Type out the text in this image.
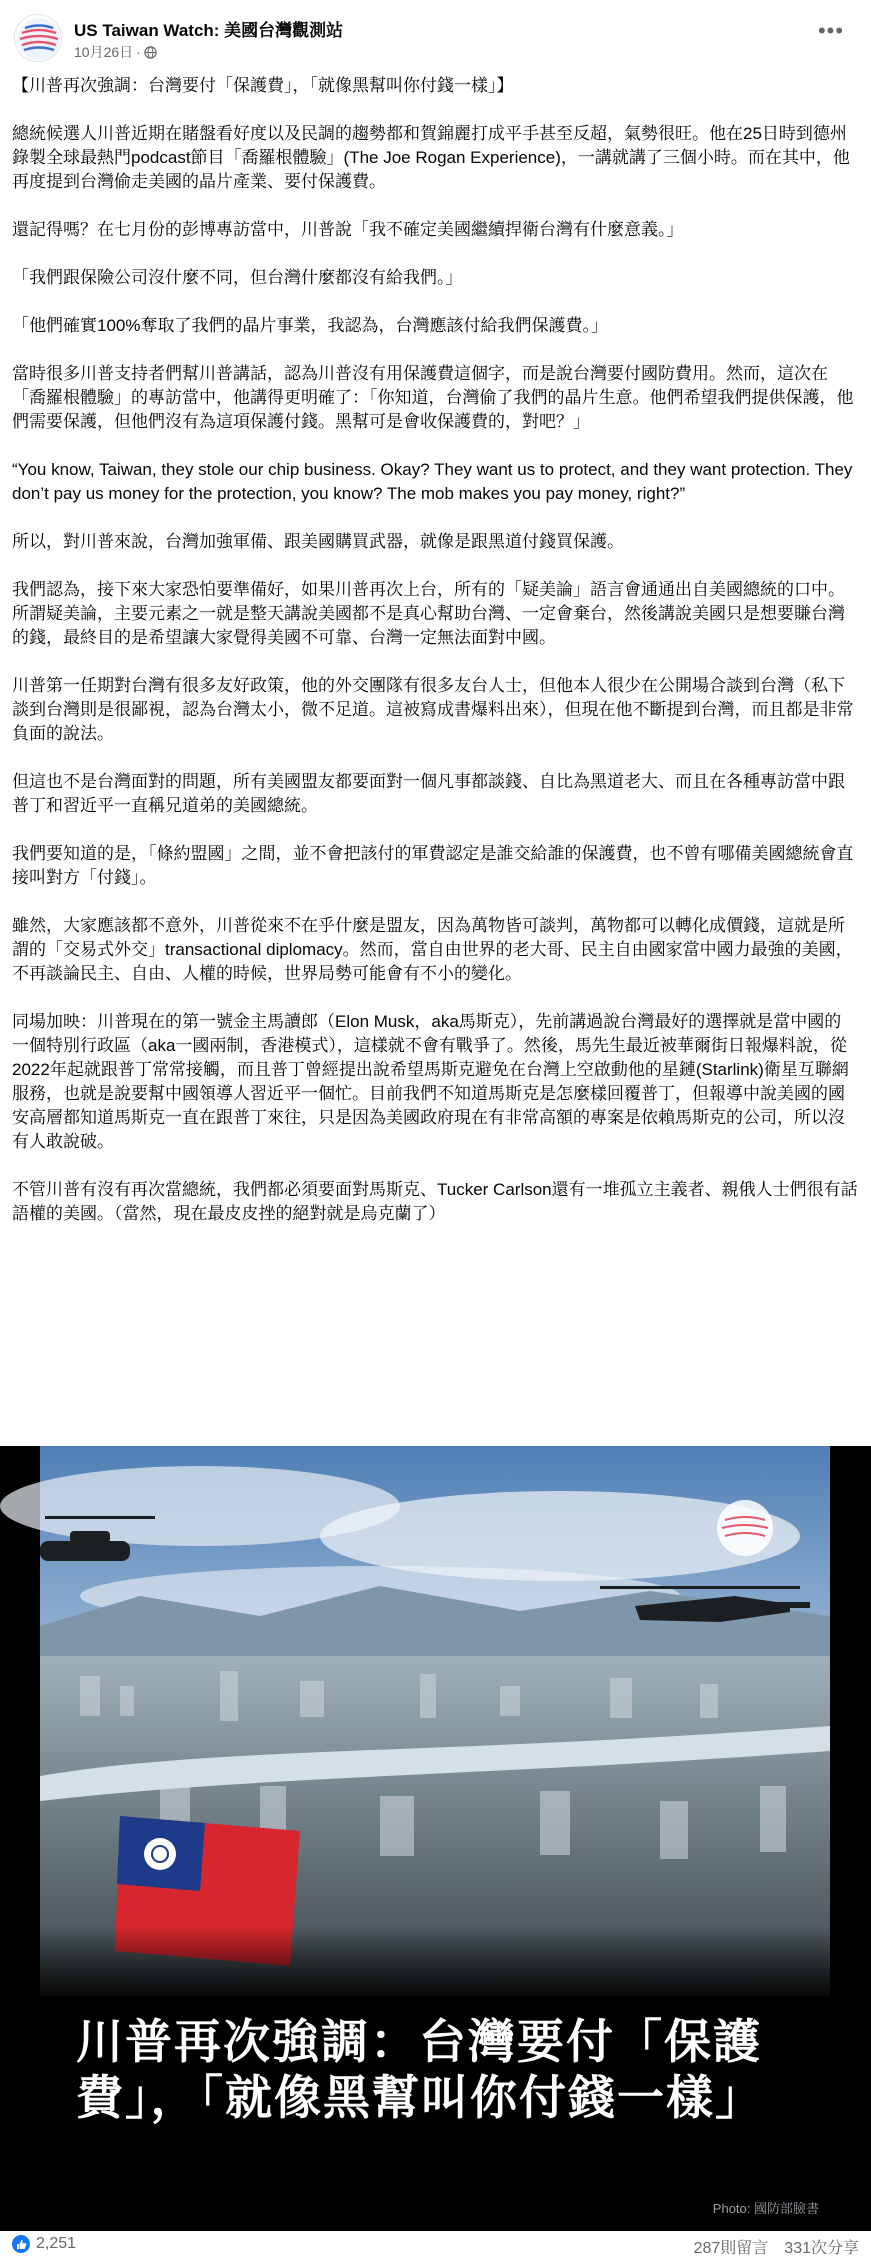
US Taiwan Watch: 美國台灣觀測站
10月26日 ·
•••

【川普再次強調：台灣要付「保護費」，「就像黑幫叫你付錢一樣」】

總統候選人川普近期在賭盤看好度以及民調的趨勢都和賀錦麗打成平手甚至反超，氣勢很旺。他在25日時到德州錄製全球最熱門podcast節目「喬羅根體驗」(The Joe Rogan Experience)，一講就講了三個小時。而在其中，他再度提到台灣偷走美國的晶片產業、要付保護費。

還記得嗎？在七月份的彭博專訪當中，川普說「我不確定美國繼續捍衛台灣有什麼意義。」

「我們跟保險公司沒什麼不同，但台灣什麼都沒有給我們。」

「他們確實100%奪取了我們的晶片事業，我認為，台灣應該付給我們保護費。」

當時很多川普支持者們幫川普講話，認為川普沒有用保護費這個字，而是說台灣要付國防費用。然而，這次在「喬羅根體驗」的專訪當中，他講得更明確了：「你知道，台灣偷了我們的晶片生意。他們希望我們提供保護，他們需要保護，但他們沒有為這項保護付錢。黑幫可是會收保護費的，對吧？」

“You know, Taiwan, they stole our chip business. Okay? They want us to protect, and they want protection. They don’t pay us money for the protection, you know? The mob makes you pay money, right?”

所以，對川普來說，台灣加強軍備、跟美國購買武器，就像是跟黑道付錢買保護。

我們認為，接下來大家恐怕要準備好，如果川普再次上台，所有的「疑美論」語言會通通出自美國總統的口中。所謂疑美論，主要元素之一就是整天講說美國都不是真心幫助台灣、一定會棄台，然後講說美國只是想要賺台灣的錢，最終目的是希望讓大家覺得美國不可靠、台灣一定無法面對中國。

川普第一任期對台灣有很多友好政策，他的外交團隊有很多友台人士，但他本人很少在公開場合談到台灣（私下談到台灣則是很鄙視，認為台灣太小，微不足道。這被寫成書爆料出來），但現在他不斷提到台灣，而且都是非常負面的說法。

但這也不是台灣面對的問題，所有美國盟友都要面對一個凡事都談錢、自比為黑道老大、而且在各種專訪當中跟普丁和習近平一直稱兄道弟的美國總統。

我們要知道的是，「條約盟國」之間，並不會把該付的軍費認定是誰交給誰的保護費，也不曾有哪備美國總統會直接叫對方「付錢」。

雖然，大家應該都不意外，川普從來不在乎什麼是盟友，因為萬物皆可談判，萬物都可以轉化成價錢，這就是所謂的「交易式外交」transactional diplomacy。然而，當自由世界的老大哥、民主自由國家當中國力最強的美國，不再談論民主、自由、人權的時候，世界局勢可能會有不小的變化。

同場加映：川普現在的第一號金主馬讀郎（Elon Musk，aka馬斯克），先前講過說台灣最好的選擇就是當中國的一個特別行政區（aka一國兩制，香港模式），這樣就不會有戰爭了。然後，馬先生最近被華爾街日報爆料說，從2022年起就跟普丁常常接觸，而且普丁曾經提出說希望馬斯克避免在台灣上空啟動他的星鏈(Starlink)衛星互聯網服務，也就是說要幫中國領導人習近平一個忙。目前我們不知道馬斯克是怎麼樣回覆普丁，但報導中說美國的國安高層都知道馬斯克一直在跟普丁來往，只是因為美國政府現在有非常高額的專案是依賴馬斯克的公司，所以沒有人敢說破。

不管川普有沒有再次當總統，我們都必須要面對馬斯克、Tucker Carlson還有一堆孤立主義者、親俄人士們很有話語權的美國。（當然，現在最皮皮挫的絕對就是烏克蘭了）

川普再次強調：台灣要付「保護
費」，「就像黑幫叫你付錢一樣」
Photo: 國防部臉書
2,251	287則留言 331次分享
